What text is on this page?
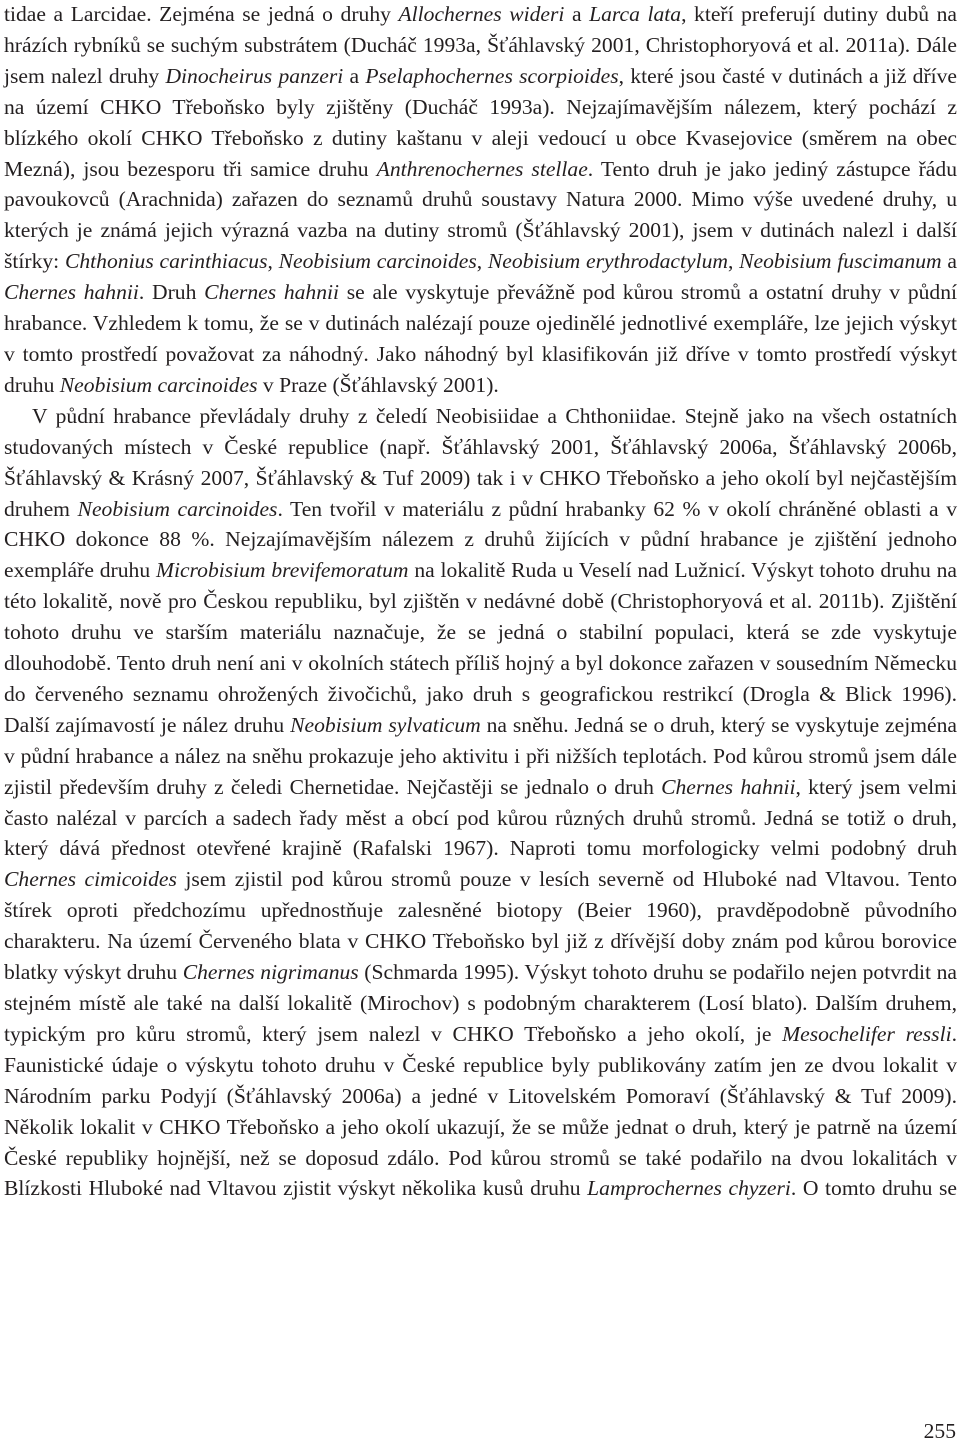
tidae a Larcidae. Zejména se jedná o druhy Allochernes wideri a Larca lata, kteří preferují dutiny dubů na hrázích rybníků se suchým substrátem (Ducháč 1993a, Šťáhlavský 2001, Christophoryová et al. 2011a). Dále jsem nalezl druhy Dinocheirus panzeri a Pselaphochernes scorpioides, které jsou časté v dutinách a již dříve na území CHKO Třeboňsko byly zjištěny (Ducháč 1993a). Nejzajímavějším nálezem, který pochází z blízkého okolí CHKO Třeboňsko z dutiny kaštanu v aleji vedoucí u obce Kvasejovice (směrem na obec Mezná), jsou bezesporu tři samice druhu Anthrenochernes stellae. Tento druh je jako jediný zástupce řádu pavoukovců (Arachnida) zařazen do seznamů druhů soustavy Natura 2000. Mimo výše uvedené druhy, u kterých je známá jejich výrazná vazba na dutiny stromů (Šťáhlavský 2001), jsem v dutinách nalezl i další štírky: Chthonius carinthiacus, Neobisium carcinoides, Neobisium erythrodactylum, Neobisium fuscimanum a Chernes hahnii. Druh Chernes hahnii se ale vyskytuje převážně pod kůrou stromů a ostatní druhy v půdní hrabance. Vzhledem k tomu, že se v dutinách nalézají pouze ojedinělé jednotlivé exempláře, lze jejich výskyt v tomto prostředí považovat za náhodný. Jako náhodný byl klasifikován již dříve v tomto prostředí výskyt druhu Neobisium carcinoides v Praze (Šťáhlavský 2001).

V půdní hrabance převládaly druhy z čeledí Neobisiidae a Chthoniidae. Stejně jako na všech ostatních studovaných místech v České republice (např. Šťáhlavský 2001, Šťáhlavský 2006a, Šťáhlavský 2006b, Šťáhlavský & Krásný 2007, Šťáhlavský & Tuf 2009) tak i v CHKO Třeboňsko a jeho okolí byl nejčastějším druhem Neobisium carcinoides. Ten tvořil v materiálu z půdní hrabanky 62 % v okolí chráněné oblasti a v CHKO dokonce 88 %. Nejzajímavějším nálezem z druhů žijících v půdní hrabance je zjištění jednoho exempláře druhu Microbisium brevifemoratum na lokalitě Ruda u Veselí nad Lužnicí. Výskyt tohoto druhu na této lokalitě, nově pro Českou republiku, byl zjištěn v nedávné době (Christophoryová et al. 2011b). Zjištění tohoto druhu ve starším materiálu naznačuje, že se jedná o stabilní populaci, která se zde vyskytuje dlouhodobě. Tento druh není ani v okolních státech příliš hojný a byl dokonce zařazen v sousedním Německu do červeného seznamu ohrožených živočichů, jako druh s geografickou restrikcí (Drogla & Blick 1996). Další zajímavostí je nález druhu Neobisium sylvaticum na sněhu. Jedná se o druh, který se vyskytuje zejména v půdní hrabance a nález na sněhu prokazuje jeho aktivitu i při nižších teplotách. Pod kůrou stromů jsem dále zjistil především druhy z čeledi Chernetidae. Nejčastěji se jednalo o druh Chernes hahnii, který jsem velmi často nalézal v parcích a sadech řady měst a obcí pod kůrou různých druhů stromů. Jedná se totiž o druh, který dává přednost otevřené krajině (Rafalski 1967). Naproti tomu morfologicky velmi podobný druh Chernes cimicoides jsem zjistil pod kůrou stromů pouze v lesích severně od Hluboké nad Vltavou. Tento štírek oproti předchozímu upřednostňuje zalesněné biotopy (Beier 1960), pravděpodobně původního charakteru. Na území Červeného blata v CHKO Třeboňsko byl již z dřívější doby znám pod kůrou borovice blatky výskyt druhu Chernes nigrimanus (Schmarda 1995). Výskyt tohoto druhu se podařilo nejen potvrdit na stejném místě ale také na další lokalitě (Mirochov) s podobným charakterem (Losí blato). Dalším druhem, typickým pro kůru stromů, který jsem nalezl v CHKO Třeboňsko a jeho okolí, je Mesochelifer ressli. Faunistické údaje o výskytu tohoto druhu v České republice byly publikovány zatím jen ze dvou lokalit v Národním parku Podyjí (Šťáhlavský 2006a) a jedné v Litovelském Pomoraví (Šťáhlavský & Tuf 2009). Několik lokalit v CHKO Třeboňsko a jeho okolí ukazují, že se může jednat o druh, který je patrně na území České republiky hojnější, než se doposud zdálo. Pod kůrou stromů se také podařilo na dvou lokalitách v Blízkosti Hluboké nad Vltavou zjistit výskyt několika kusů druhu Lamprochernes chyzeri. O tomto druhu se

255
